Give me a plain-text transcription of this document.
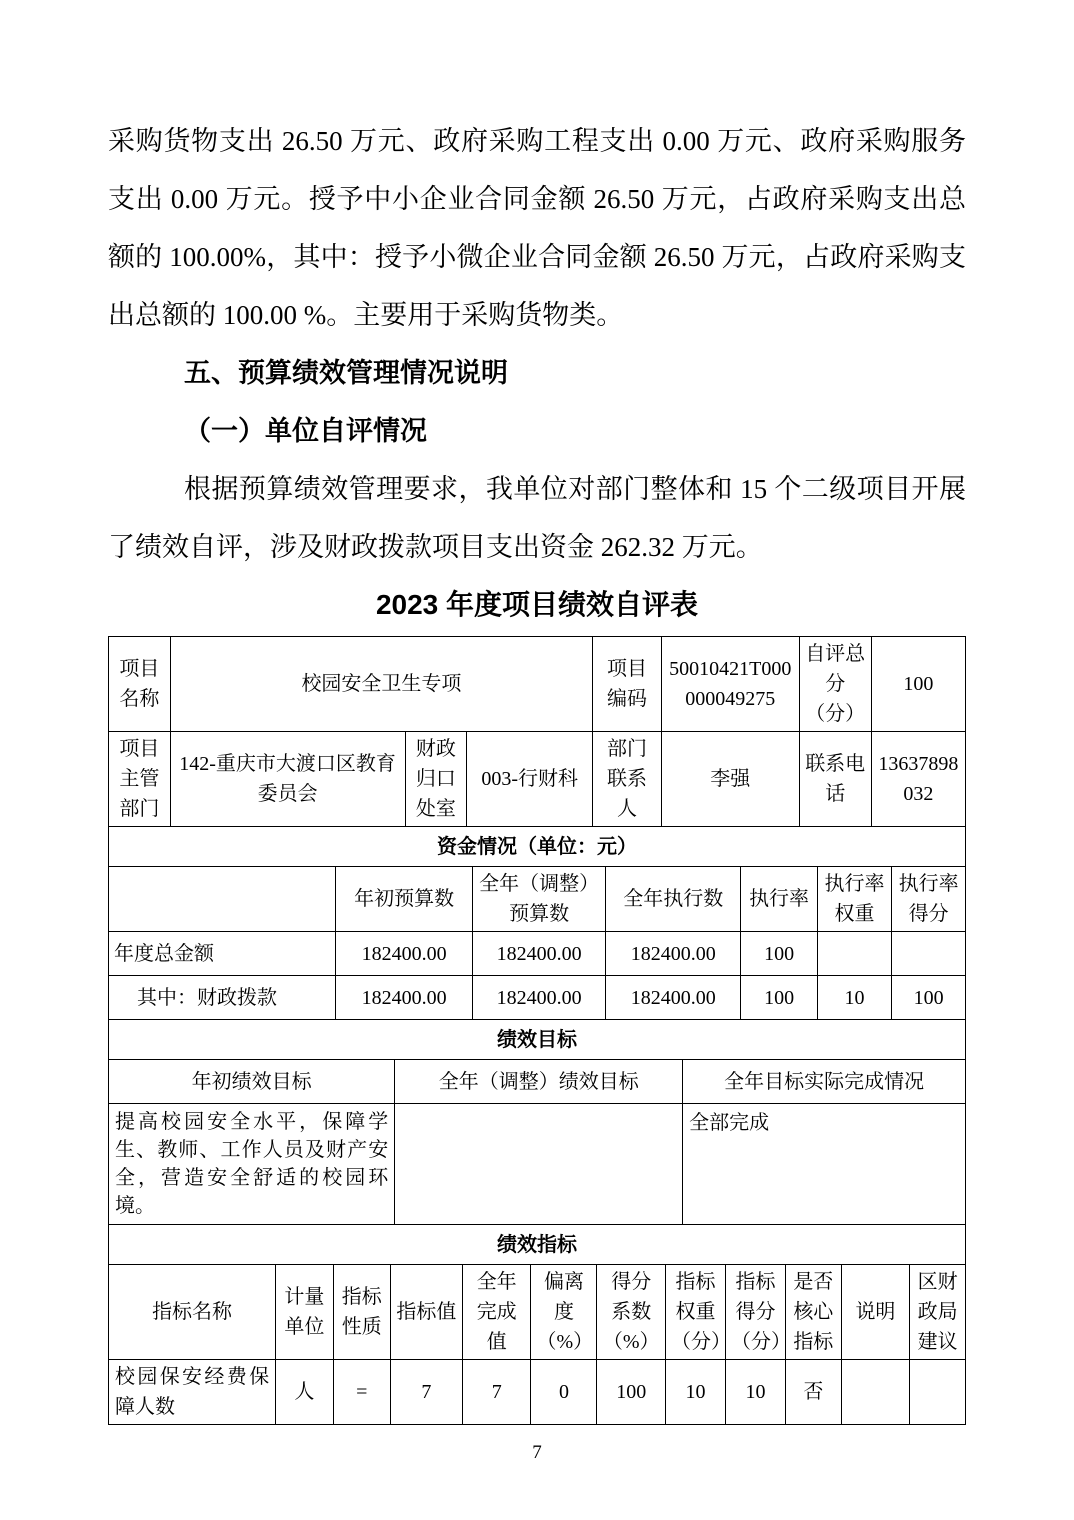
采购货物支出 26.50 万元、政府采购工程支出 0.00 万元、政府采购服务支出 0.00 万元。授予中小企业合同金额 26.50 万元，占政府采购支出总额的 100.00%，其中：授予小微企业合同金额 26.50 万元，占政府采购支出总额的 100.00 %。主要用于采购货物类。

五、预算绩效管理情况说明
（一）单位自评情况

根据预算绩效管理要求，我单位对部门整体和 15 个二级项目开展了绩效自评，涉及财政拨款项目支出资金 262.32 万元。

2023 年度项目绩效自评表

项目名称	校园安全卫生专项			项目编码	50010421T000000049275	自评总分（分）	100
项目主管部门	142-重庆市大渡口区教育委员会	财政归口处室	003-行财科	部门联系人	李强	联系电话	13637898032
资金情况（单位：元）						
	年初预算数	全年（调整）预算数	全年执行数	执行率	执行率权重	执行率得分
年度总金额	182400.00	182400.00	182400.00	100		
其中：财政拨款	182400.00	182400.00	182400.00	100	10	100
绩效目标		
年初绩效目标	全年（调整）绩效目标	全年目标实际完成情况
提高校园安全水平，保障学生、教师、工作人员及财产安全，营造安全舒适的校园环境。		全部完成
绩效指标											
指标名称	计量单位	指标性质	指标值	全年完成值	偏离度（%）	得分系数（%）	指标权重（分）	指标得分（分）	是否核心指标	说明	区财政局建议
校园保安经费保障人数	人	=	7	7	0	100	10	10	否		
7
